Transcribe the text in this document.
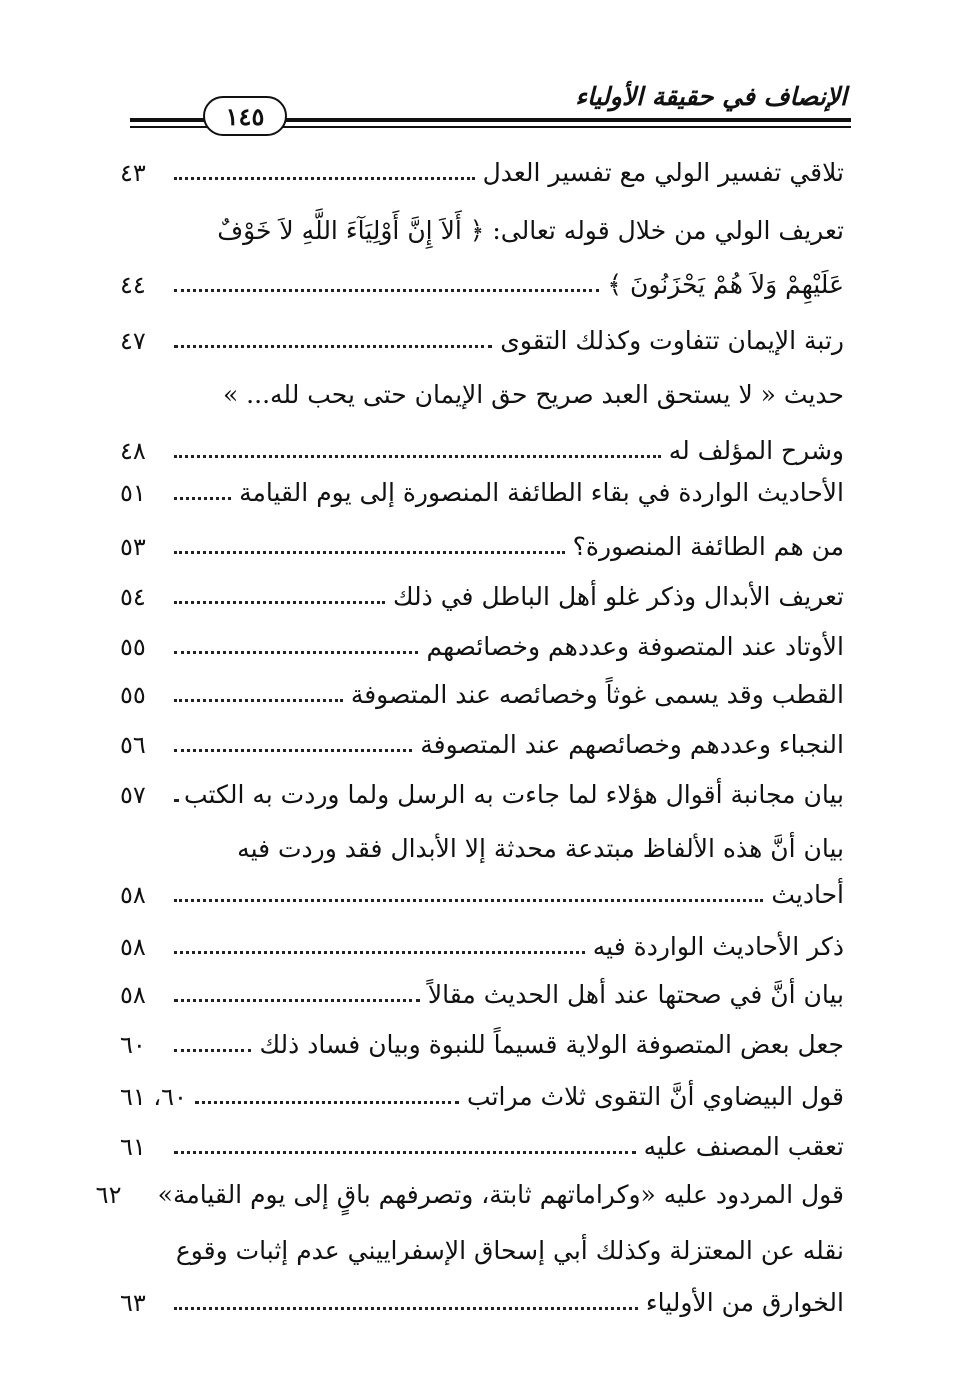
الإنصاف في حقيقة الأولياء
١٤٥
تلاقي تفسير الولي مع تفسير العدل
٤٣
تعريف الولي من خلال قوله تعالى: ﴿ أَلاَ إِنَّ أَوْلِيَآءَ اللَّهِ لاَ خَوْفٌ
عَلَيْهِمْ وَلاَ هُمْ يَحْزَنُونَ ﴾
٤٤
رتبة الإيمان تتفاوت وكذلك التقوى
٤٧
حديث « لا يستحق العبد صريح حق الإيمان حتى يحب لله... »
وشرح المؤلف له
٤٨
الأحاديث الواردة في بقاء الطائفة المنصورة إلى يوم القيامة
٥١
من هم الطائفة المنصورة؟
٥٣
تعريف الأبدال وذكر غلو أهل الباطل في ذلك
٥٤
الأوتاد عند المتصوفة وعددهم وخصائصهم
٥٥
القطب وقد يسمى غوثاً وخصائصه عند المتصوفة
٥٥
النجباء وعددهم وخصائصهم عند المتصوفة
٥٦
بيان مجانبة أقوال هؤلاء لما جاءت به الرسل ولما وردت به الكتب
٥٧
بيان أنَّ هذه الألفاظ مبتدعة محدثة إلا الأبدال فقد وردت فيه
أحاديث
٥٨
ذكر الأحاديث الواردة فيه
٥٨
بيان أنَّ في صحتها عند أهل الحديث مقالاً
٥٨
جعل بعض المتصوفة الولاية قسيماً للنبوة وبيان فساد ذلك
٦٠
قول البيضاوي أنَّ التقوى ثلاث مراتب
٦٠، ٦١
تعقب المصنف عليه
٦١
قول المردود عليه «وكراماتهم ثابتة، وتصرفهم باقٍ إلى يوم القيامة»
٦٢
نقله عن المعتزلة وكذلك أبي إسحاق الإسفراييني عدم إثبات وقوع
الخوارق من الأولياء
٦٣
